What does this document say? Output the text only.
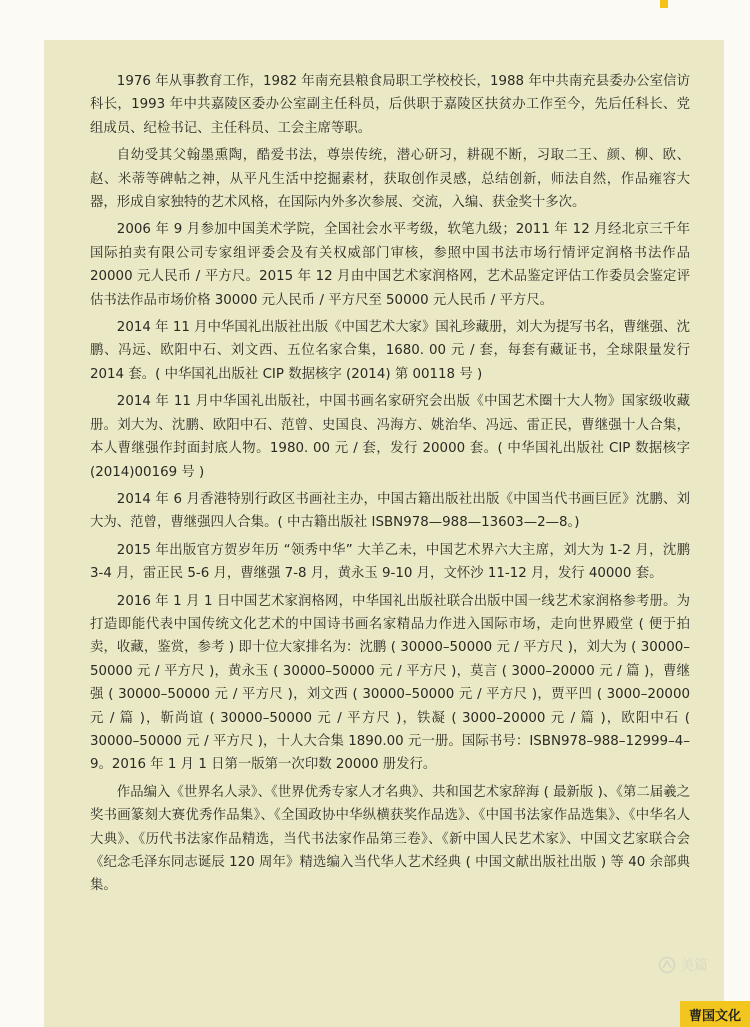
1976 年从事教育工作，1982 年南充县粮食局职工学校校长，1988 年中共南充县委办公室信访科长，1993 年中共嘉陵区委办公室副主任科员，后供职于嘉陵区扶贫办工作至今，先后任科长、党组成员、纪检书记、主任科员、工会主席等职。

自幼受其父翰墨熏陶，酷爱书法，尊崇传统，潜心研习，耕砚不断，习取二王、颜、柳、欧、赵、米蒂等碑帖之神，从平凡生活中挖掘素材，获取创作灵感，总结创新，师法自然，作品雍容大器，形成自家独特的艺术风格，在国际内外多次参展、交流，入编、获金奖十多次。

2006 年 9 月参加中国美术学院，全国社会水平考级，软笔九级；2011 年 12 月经北京三千年国际拍卖有限公司专家组评委会及有关权威部门审核，参照中国书法市场行情评定润格书法作品 20000 元人民币 / 平方尺。2015 年 12 月由中国艺术家润格网，艺术品鉴定评估工作委员会鉴定评估书法作品市场价格 30000 元人民币 / 平方尺至 50000 元人民币 / 平方尺。

2014 年 11 月中华国礼出版社出版《中国艺术大家》国礼珍藏册，刘大为提写书名，曹继强、沈鹏、冯远、欧阳中石、刘文西、五位名家合集，1680. 00 元 / 套，每套有藏证书，全球限量发行 2014 套。( 中华国礼出版社 CIP 数据核字 (2014) 第 00118 号 )

2014 年 11 月中华国礼出版社，中国书画名家研究会出版《中国艺术圈十大人物》国家级收藏册。刘大为、沈鹏、欧阳中石、范曾、史国良、冯海方、姚治华、冯远、雷正民，曹继强十人合集，本人曹继强作封面封底人物。1980. 00 元 / 套，发行 20000 套。( 中华国礼出版社 CIP 数据核字 (2014)00169 号 )

2014 年 6 月香港特别行政区书画社主办，中国古籍出版社出版《中国当代书画巨匠》沈鹏、刘大为、范曾，曹继强四人合集。( 中古籍出版社 ISBN978—988—13603—2—8。)

2015 年出版官方贺岁年历 “领秀中华” 大羊乙未，中国艺术界六大主席，刘大为 1-2 月，沈鹏 3-4 月，雷正民 5-6 月，曹继强 7-8 月，黄永玉 9-10 月，文怀沙 11-12 月，发行 40000 套。

2016 年 1 月 1 日中国艺术家润格网，中华国礼出版社联合出版中国一线艺术家润格参考册。为打造即能代表中国传统文化艺术的中国诗书画名家精品力作进入国际市场，走向世界殿堂 ( 便于拍卖，收藏，鉴赏，参考 ) 即十位大家排名为：沈鹏 ( 30000–50000 元 / 平方尺 )，刘大为 ( 30000–50000 元 / 平方尺 )，黄永玉 ( 30000–50000 元 / 平方尺 )，莫言 ( 3000–20000 元 / 篇 )，曹继强 ( 30000–50000 元 / 平方尺 )，刘文西 ( 30000–50000 元 / 平方尺 )，贾平凹 ( 3000–20000 元 / 篇 )，靳尚谊 ( 30000–50000 元 / 平方尺 )，铁凝 ( 3000–20000 元 / 篇 )，欧阳中石 ( 30000–50000 元 / 平方尺 )，十人大合集 1890.00 元一册。国际书号：ISBN978–988–12999–4–9。2016 年 1 月 1 日第一版第一次印数 20000 册发行。

作品编入《世界名人录》、《世界优秀专家人才名典》、共和国艺术家辞海 ( 最新版 )、《第二届羲之奖书画篆刻大赛优秀作品集》、《全国政协中华纵横获奖作品选》、《中国书法家作品选集》、《中华名人大典》、《历代书法家作品精选，当代书法家作品第三卷》、《新中国人民艺术家》、中国文艺家联合会《纪念毛泽东同志诞辰 120 周年》精选编入当代华人艺术经典 ( 中国文献出版社出版 ) 等 40 余部典集。

美篇
曹国文化
